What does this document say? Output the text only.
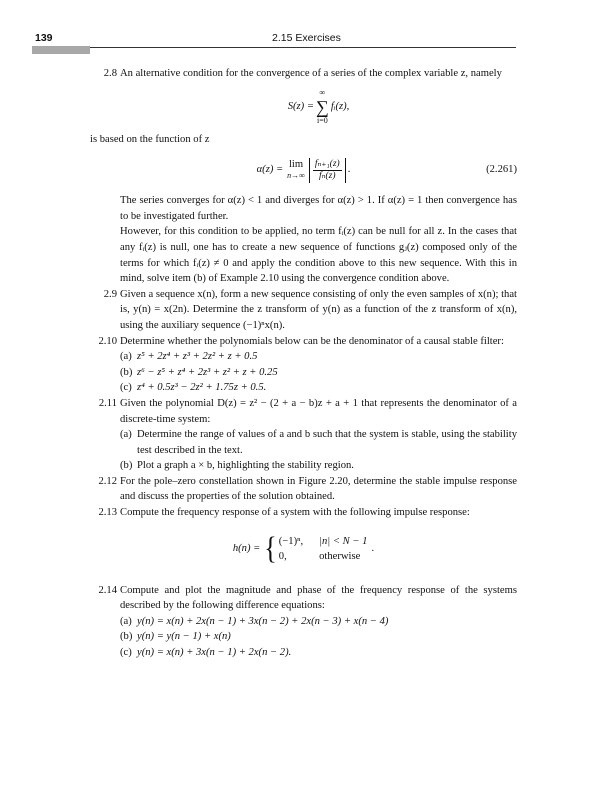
139	2.15 Exercises
2.8 An alternative condition for the convergence of a series of the complex variable z, namely

S(z) =
∞
∑
i=0
fᵢ(z),

is based on the function of z

α(z) = lim
$n\to\infty \frac{\text{fₙ₊₁(z)}}{\text{fₙ(z)}}$ .	(2.261)

The series converges for α(z) < 1 and diverges for α(z) > 1. If α(z) = 1 then convergence has to be investigated further.

However, for this condition to be applied, no term fᵢ(z) can be null for all z. In the cases that any fᵢ(z) is null, one has to create a new sequence of functions gⱼ(z) composed only of the terms for which fᵢ(z) ≠ 0 and apply the condition above to this new sequence. With this in mind, solve item (b) of Example 2.10 using the convergence condition above.

2.9 Given a sequence x(n), form a new sequence consisting of only the even samples of x(n); that is, y(n) = x(2n). Determine the z transform of y(n) as a function of the z transform of x(n), using the auxiliary sequence (−1)ⁿx(n).

2.10 Determine whether the polynomials below can be the denominator of a causal stable filter:

(a) z⁵ + 2z⁴ + z³ + 2z² + z + 0.5
(b) z⁶ − z⁵ + z⁴ + 2z³ + z² + z + 0.25
(c) z⁴ + 0.5z³ − 2z² + 1.75z + 0.5.
2.11 Given the polynomial D(z) = z² − (2 + a − b)z + a + 1 that represents the denominator of a discrete-time system:

(a) Determine the range of values of a and b such that the system is stable, using the stability test described in the text.
(b) Plot a graph a × b, highlighting the stability region.
2.12 For the pole–zero constellation shown in Figure 2.20, determine the stable impulse response and discuss the properties of the solution obtained.

2.13 Compute the frequency response of a system with the following impulse response:

h(n) = { (−1)ⁿ, |n| < N − 1
0,	otherwise
.
2.14 Compute and plot the magnitude and phase of the frequency response of the systems described by the following difference equations:

(a) y(n) = x(n) + 2x(n − 1) + 3x(n − 2) + 2x(n − 3) + x(n − 4)
(b) y(n) = y(n − 1) + x(n)
(c) y(n) = x(n) + 3x(n − 1) + 2x(n − 2).
